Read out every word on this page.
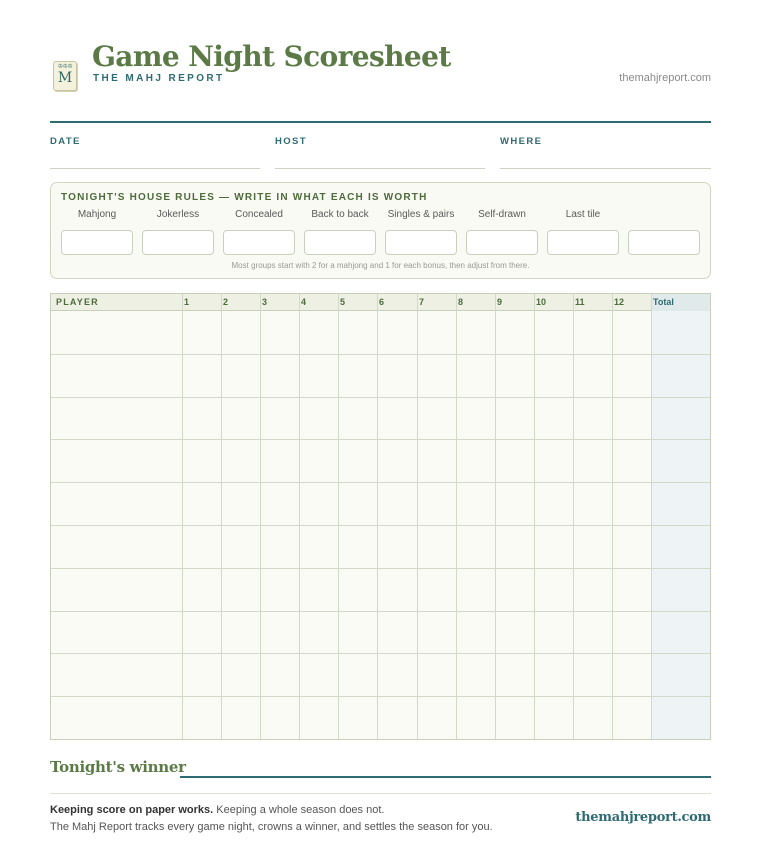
♔♔♔
M
Game Night Scoresheet
THE MAHJ REPORT	themahjreport.com
DATE	HOST	WHERE
TONIGHT'S HOUSE RULES — WRITE IN WHAT EACH IS WORTH
Mahjong	Jokerless	Concealed	Back to back	Singles & pairs	Self-drawn	Last tile
Most groups start with 2 for a mahjong and 1 for each bonus, then adjust from there.
PLAYER	1	2	3	4	5	6	7	8	9	10	11	12	Total
Tonight's winner
Keeping score on paper works. Keeping a whole season does not.
The Mahj Report tracks every game night, crowns a winner, and settles the season for you.
themahjreport.com
